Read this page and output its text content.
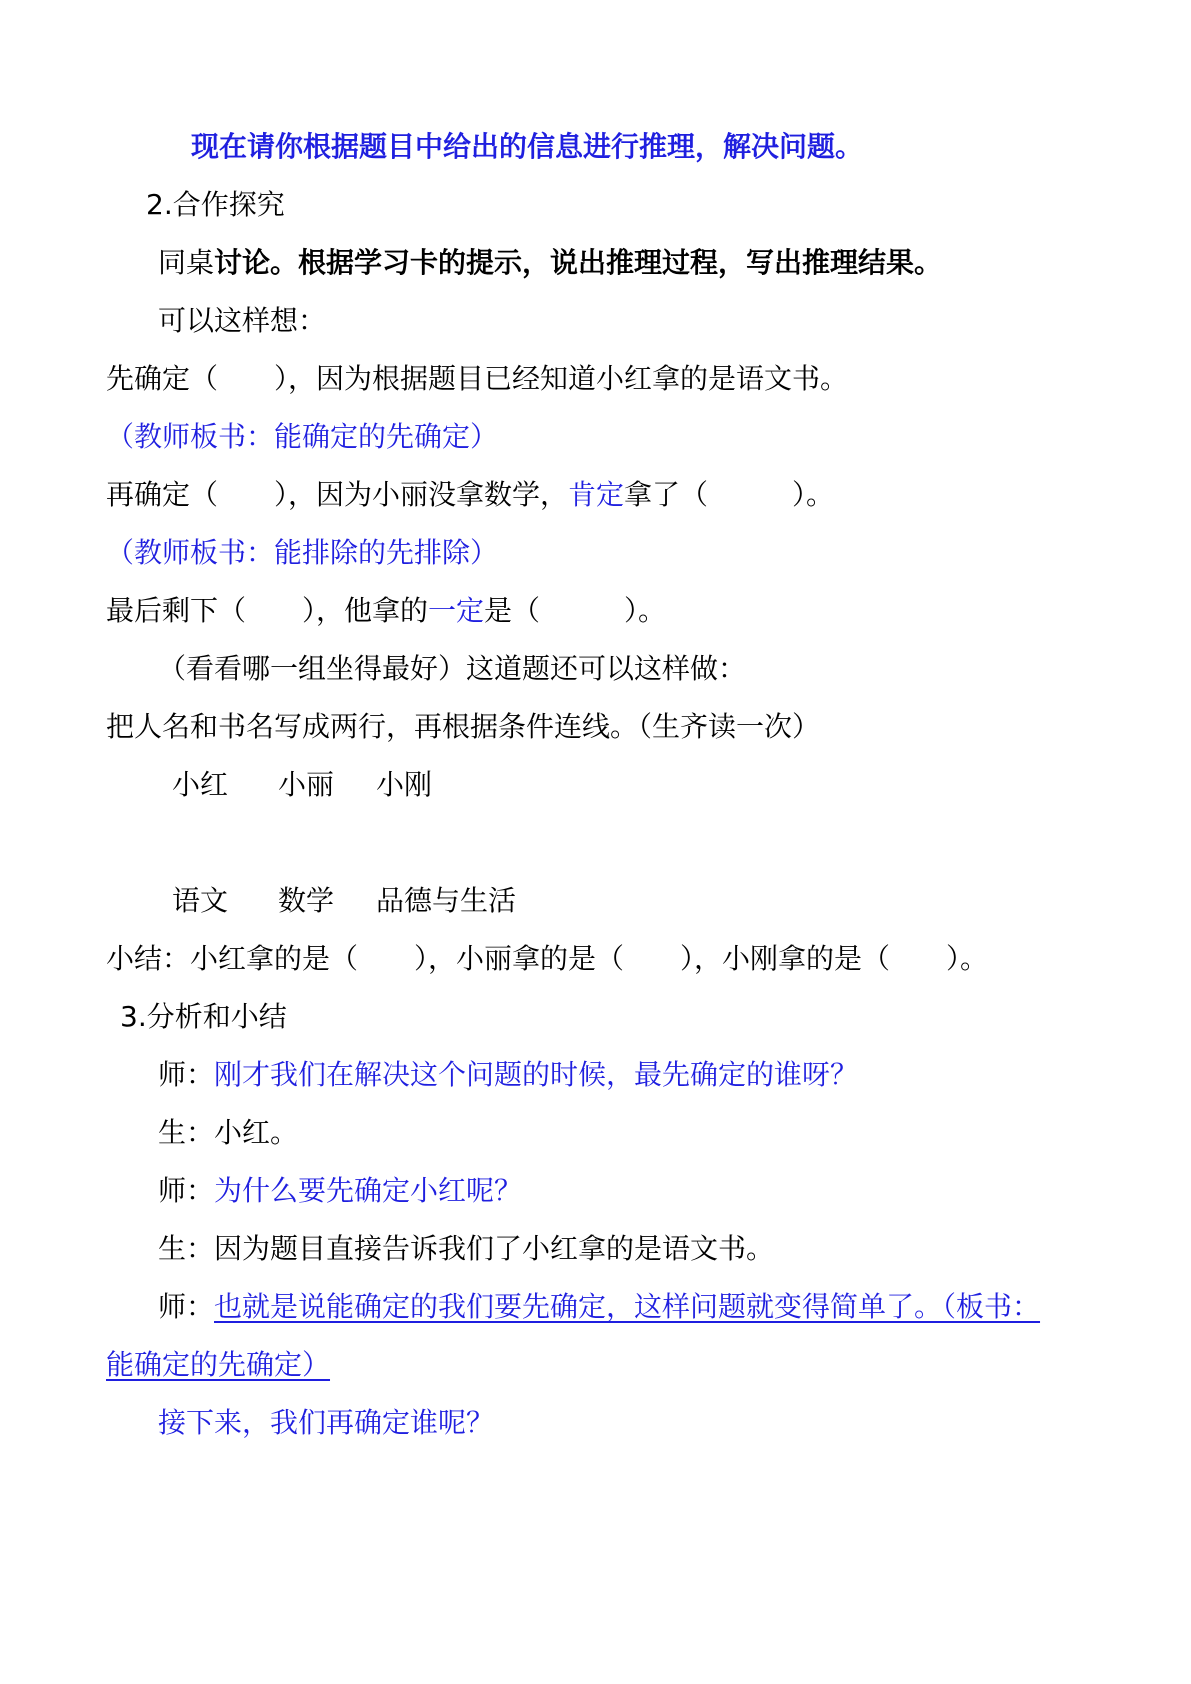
现在请你根据题目中给出的信息进行推理，解决问题。
2.合作探究
同桌讨论。根据学习卡的提示，说出推理过程，写出推理结果。
可以这样想：
先确定（　　），因为根据题目已经知道小红拿的是语文书。
（教师板书：能确定的先确定）
再确定（　　），因为小丽没拿数学，肯定拿了（　　　）。
（教师板书：能排除的先排除）
最后剩下（　　），他拿的一定是（　　　）。
（看看哪一组坐得最好）这道题还可以这样做：
把人名和书名写成两行，再根据条件连线。（生齐读一次）
小红 小丽 小刚
语文 数学 品德与生活
小结：小红拿的是（　　），小丽拿的是（　　），小刚拿的是（　　）。
3.分析和小结
师：刚才我们在解决这个问题的时候，最先确定的谁呀？
生：小红。
师：为什么要先确定小红呢？
生：因为题目直接告诉我们了小红拿的是语文书。
师：也就是说能确定的我们要先确定，这样问题就变得简单了。（板书：
能确定的先确定）
接下来，我们再确定谁呢？
